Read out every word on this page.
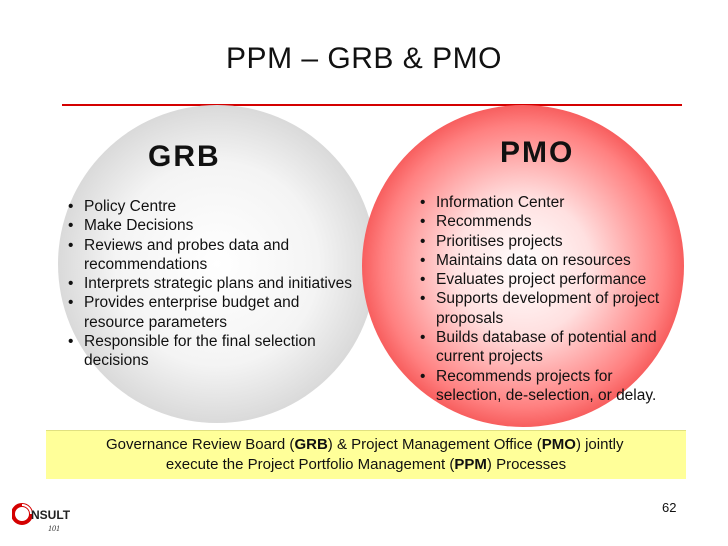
PPM – GRB & PMO
GRB	PMO
• Policy Centre
• Make Decisions
• Reviews and probes data and recommendations
• Interprets strategic plans and initiatives
• Provides enterprise budget and resource parameters
• Responsible for the final selection decisions
• Information Center
• Recommends
• Prioritises projects
• Maintains data on resources
• Evaluates project performance
• Supports development of project proposals
• Builds database of potential and current projects
• Recommends projects for selection, de-selection, or delay.
Governance Review Board (GRB) & Project Management Office (PMO) jointly
execute the Project Portfolio Management (PPM) Processes
62
NSULT
101
